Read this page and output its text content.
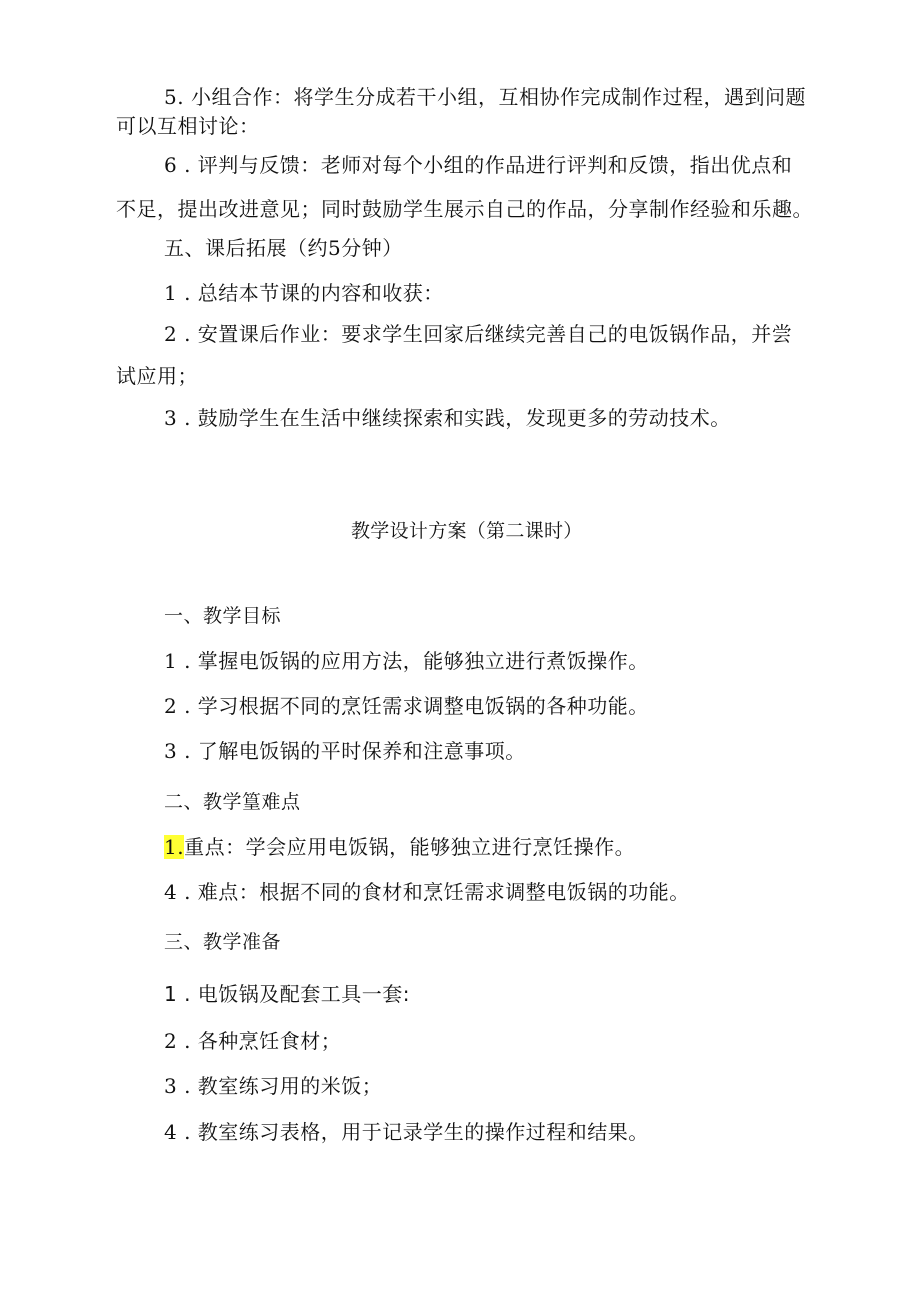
5. 小组合作：将学生分成若干小组，互相协作完成制作过程，遇到问题

可以互相讨论：

6 . 评判与反馈：老师对每个小组的作品进行评判和反馈，指出优点和

不足，提出改进意见；同时鼓励学生展示自己的作品，分享制作经验和乐趣。

五、课后拓展（约5分钟）

1 . 总结本节课的内容和收获：

2 . 安置课后作业：要求学生回家后继续完善自己的电饭锅作品，并尝

试应用；

3 . 鼓励学生在生活中继续探索和实践，发现更多的劳动技术。

教学设计方案（第二课时）

一、教学目标

1 . 掌握电饭锅的应用方法，能够独立进行煮饭操作。

2 . 学习根据不同的烹饪需求调整电饭锅的各种功能。

3 . 了解电饭锅的平时保养和注意事项。

二、教学篁难点

1.重点：学会应用电饭锅，能够独立进行烹饪操作。

4 . 难点：根据不同的食材和烹饪需求调整电饭锅的功能。

三、教学准备

1 . 电饭锅及配套工具一套:

2 . 各种烹饪食材；

3 . 教室练习用的米饭；

4 . 教室练习表格，用于记录学生的操作过程和结果。
